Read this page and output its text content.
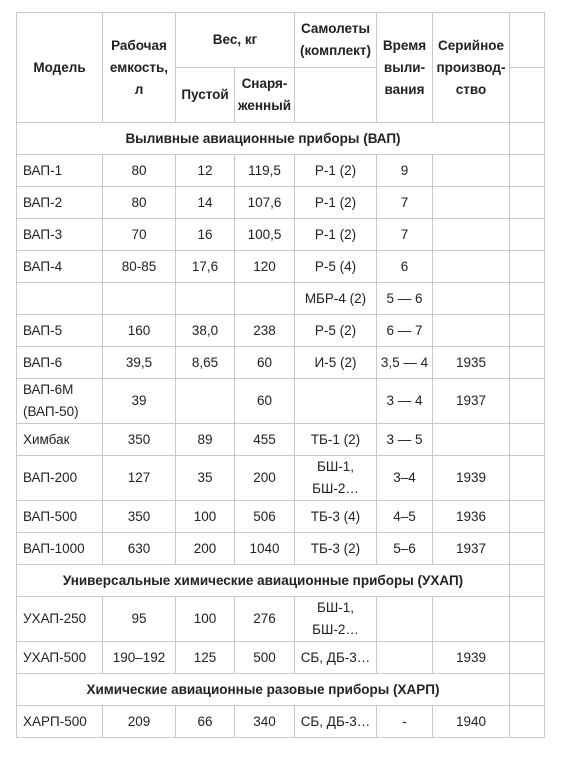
Модель	Рабочая емкость, л	Вес, кг		Самолеты (комплект)	Время выли-вания	Серийное производ-ство	
		Пустой	Снаря-женный				
Выливные авиационные приборы (ВАП)							
ВАП-1	80	12	119,5	Р-1 (2)	9		
ВАП-2	80	14	107,6	Р-1 (2)	7		
ВАП-3	70	16	100,5	Р-1 (2)	7		
ВАП-4	80-85	17,6	120	Р-5 (4)	6		
				МБР-4 (2)	5 — 6		
ВАП-5	160	38,0	238	Р-5 (2)	6 — 7		
ВАП-6	39,5	8,65	60	И-5 (2)	3,5 — 4	1935	
ВАП-6М (ВАП-50)	39		60		3 — 4	1937	
Химбак	350	89	455	ТБ-1 (2)	3 — 5		
ВАП-200	127	35	200	БШ-1, БШ-2…	3–4	1939	
ВАП-500	350	100	506	ТБ-3 (4)	4–5	1936	
ВАП-1000	630	200	1040	ТБ-3 (2)	5–6	1937	
Универсальные химические авиационные приборы (УХАП)							
УХАП-250	95	100	276	БШ-1, БШ-2…			
УХАП-500	190–192	125	500	СБ, ДБ-3…		1939	
Химические авиационные разовые приборы (ХАРП)							
ХАРП-500	209	66	340	СБ, ДБ-3…	-	1940	
